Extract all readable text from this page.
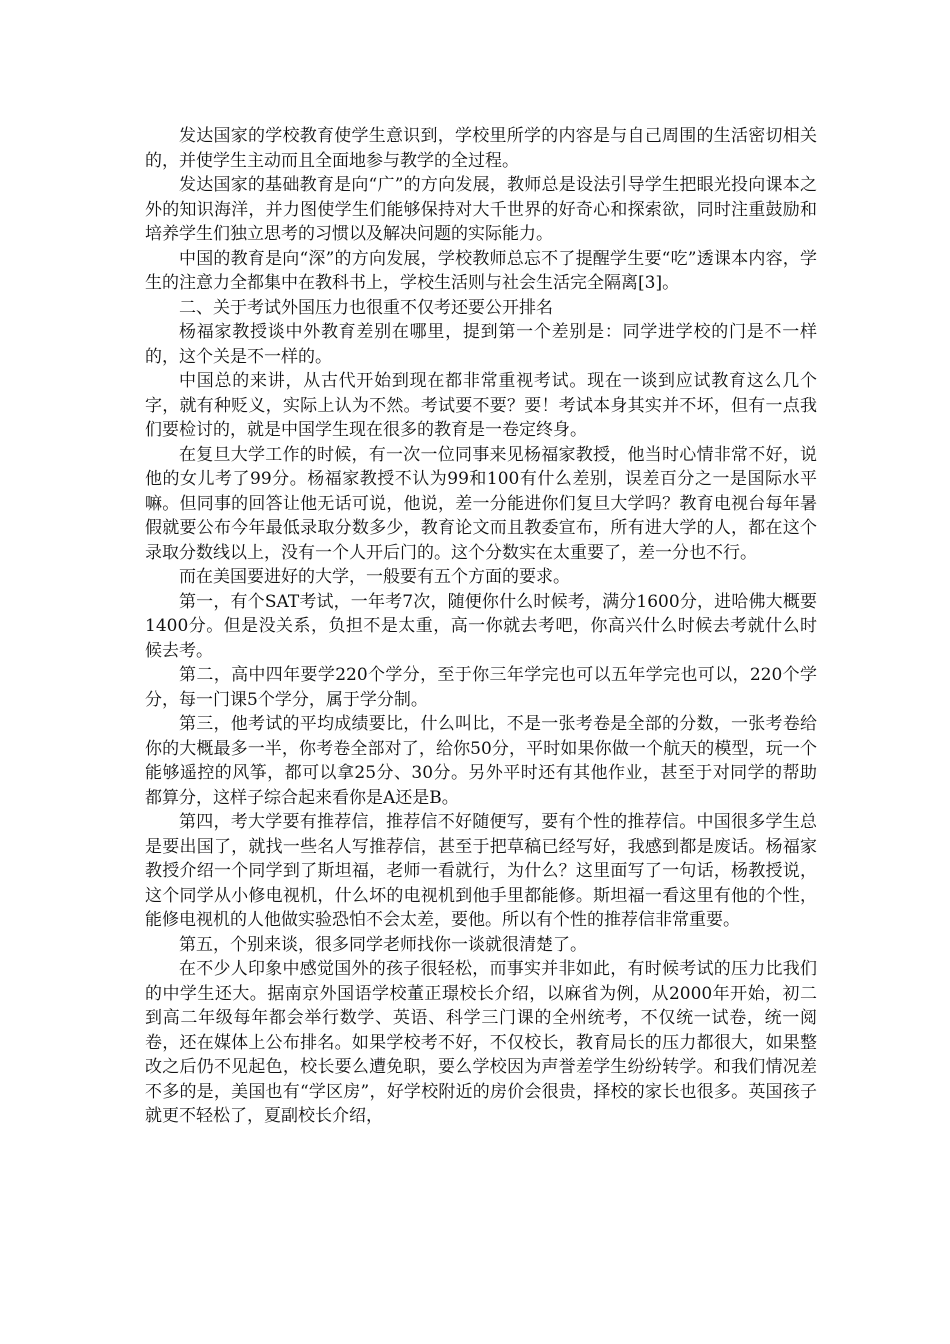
发达国家的学校教育使学生意识到，学校里所学的内容是与自己周围的生活密切相关的，并使学生主动而且全面地参与教学的全过程。

发达国家的基础教育是向“广”的方向发展，教师总是设法引导学生把眼光投向课本之外的知识海洋，并力图使学生们能够保持对大千世界的好奇心和探索欲，同时注重鼓励和培养学生们独立思考的习惯以及解决问题的实际能力。

中国的教育是向“深”的方向发展，学校教师总忘不了提醒学生要“吃”透课本内容，学生的注意力全都集中在教科书上，学校生活则与社会生活完全隔离[3]。

二、关于考试外国压力也很重不仅考还要公开排名

杨福家教授谈中外教育差别在哪里，提到第一个差别是：同学进学校的门是不一样的，这个关是不一样的。

中国总的来讲，从古代开始到现在都非常重视考试。现在一谈到应试教育这么几个字，就有种贬义，实际上认为不然。考试要不要？要！考试本身其实并不坏，但有一点我们要检讨的，就是中国学生现在很多的教育是一卷定终身。

在复旦大学工作的时候，有一次一位同事来见杨福家教授，他当时心情非常不好，说他的女儿考了99分。杨福家教授不认为99和100有什么差别，误差百分之一是国际水平嘛。但同事的回答让他无话可说，他说，差一分能进你们复旦大学吗？教育电视台每年暑假就要公布今年最低录取分数多少，教育论文而且教委宣布，所有进大学的人，都在这个录取分数线以上，没有一个人开后门的。这个分数实在太重要了，差一分也不行。

而在美国要进好的大学，一般要有五个方面的要求。

第一，有个SAT考试，一年考7次，随便你什么时候考，满分1600分，进哈佛大概要1400分。但是没关系，负担不是太重，高一你就去考吧，你高兴什么时候去考就什么时候去考。

第二，高中四年要学220个学分，至于你三年学完也可以五年学完也可以，220个学分，每一门课5个学分，属于学分制。

第三，他考试的平均成绩要比，什么叫比，不是一张考卷是全部的分数，一张考卷给你的大概最多一半，你考卷全部对了，给你50分，平时如果你做一个航天的模型，玩一个能够遥控的风筝，都可以拿25分、30分。另外平时还有其他作业，甚至于对同学的帮助都算分，这样子综合起来看你是A还是B。

第四，考大学要有推荐信，推荐信不好随便写，要有个性的推荐信。中国很多学生总是要出国了，就找一些名人写推荐信，甚至于把草稿已经写好，我感到都是废话。杨福家教授介绍一个同学到了斯坦福，老师一看就行，为什么？这里面写了一句话，杨教授说，这个同学从小修电视机，什么坏的电视机到他手里都能修。斯坦福一看这里有他的个性，能修电视机的人他做实验恐怕不会太差，要他。所以有个性的推荐信非常重要。

第五，个别来谈，很多同学老师找你一谈就很清楚了。

在不少人印象中感觉国外的孩子很轻松，而事实并非如此，有时候考试的压力比我们的中学生还大。据南京外国语学校董正璟校长介绍，以麻省为例，从2000年开始，初二到高二年级每年都会举行数学、英语、科学三门课的全州统考，不仅统一试卷，统一阅卷，还在媒体上公布排名。如果学校考不好，不仅校长，教育局长的压力都很大，如果整改之后仍不见起色，校长要么遭免职，要么学校因为声誉差学生纷纷转学。和我们情况差不多的是，美国也有“学区房”，好学校附近的房价会很贵，择校的家长也很多。英国孩子就更不轻松了，夏副校长介绍，
